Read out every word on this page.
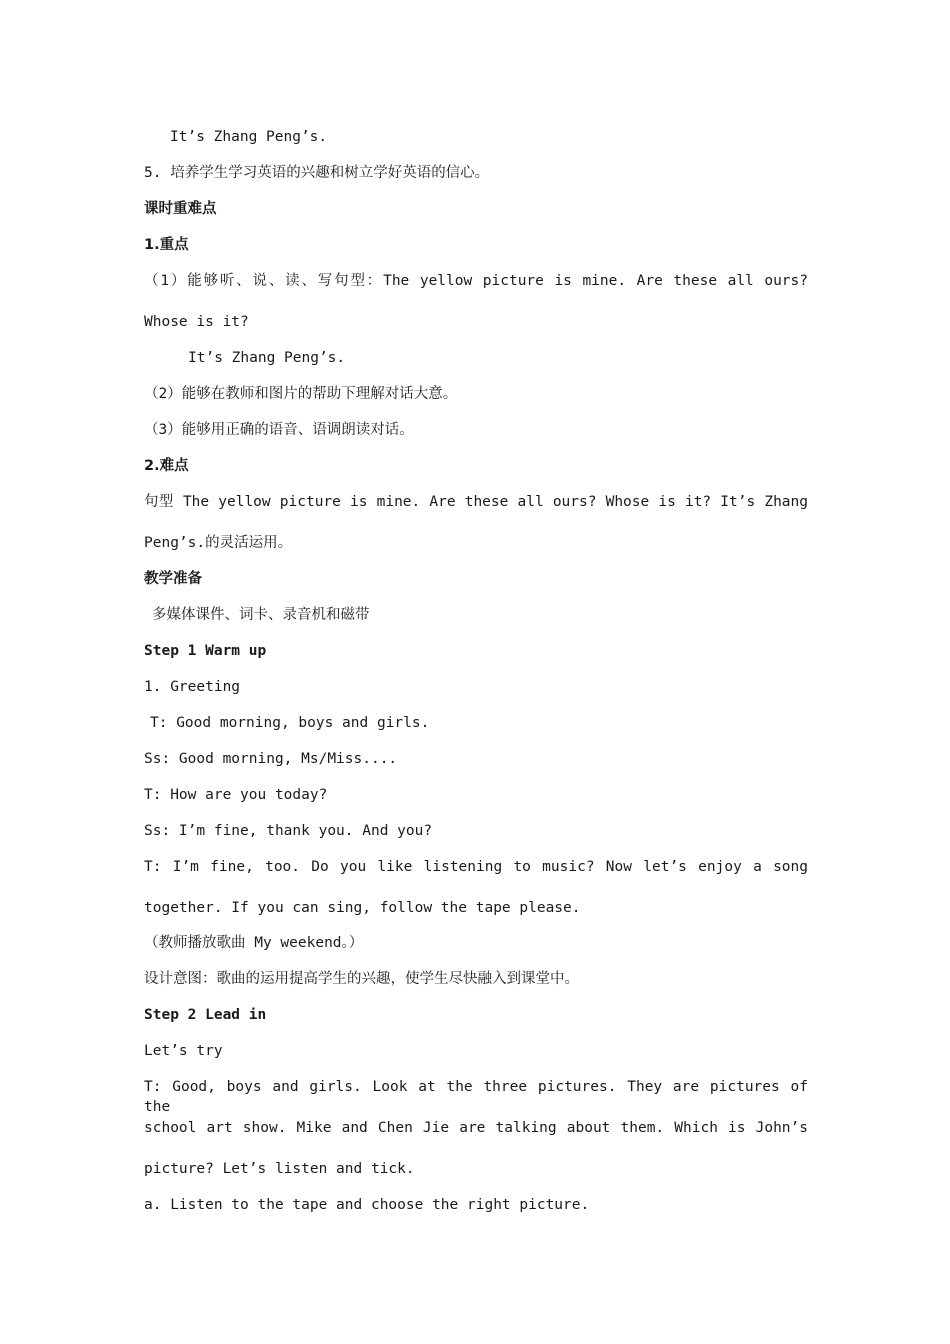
It’s Zhang Peng’s.
5. 培养学生学习英语的兴趣和树立学好英语的信心。
课时重难点
1.重点
（1）能够听、说、读、写句型：The yellow picture is mine. Are these all ours?
Whose is it?
It’s Zhang Peng’s.
（2）能够在教师和图片的帮助下理解对话大意。
（3）能够用正确的语音、语调朗读对话。
2.难点
句型 The yellow picture is mine. Are these all ours? Whose is it? It’s Zhang
Peng’s.的灵活运用。
教学准备
多媒体课件、词卡、录音机和磁带
Step 1 Warm up
1. Greeting
T: Good morning, boys and girls.
Ss: Good morning, Ms/Miss....
T: How are you today?
Ss: I’m fine, thank you. And you?
T: I’m fine, too. Do you like listening to music? Now let’s enjoy a song
together. If you can sing, follow the tape please.
（教师播放歌曲 My weekend。）
设计意图：歌曲的运用提高学生的兴趣，使学生尽快融入到课堂中。
Step 2 Lead in
Let’s try
T: Good, boys and girls. Look at the three pictures. They are pictures of the
school art show. Mike and Chen Jie are talking about them. Which is John’s
picture? Let’s listen and tick.
a. Listen to the tape and choose the right picture.
